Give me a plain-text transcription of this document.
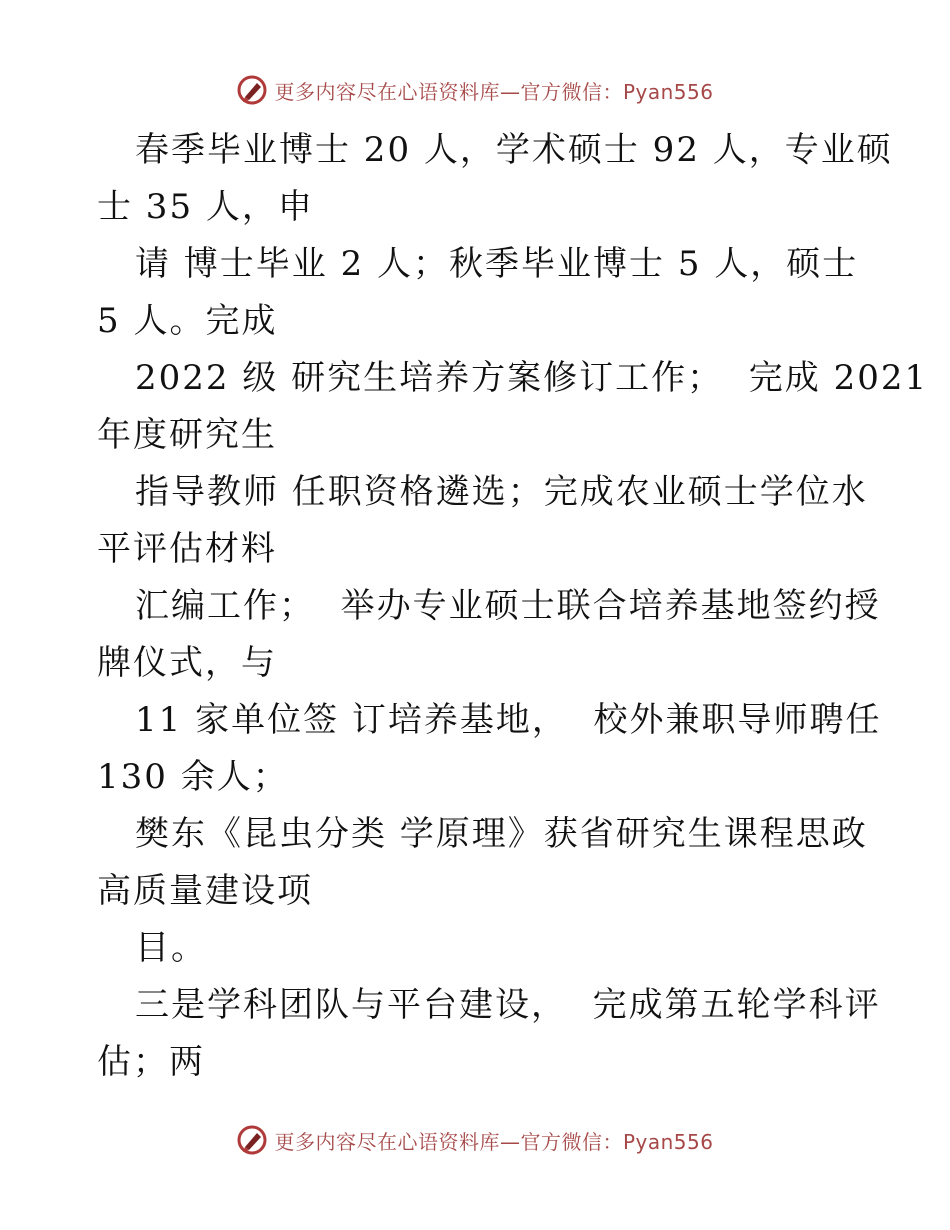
更多内容尽在心语资料库—官方微信：Pyan556
春季毕业博士 20 人，学术硕士 92 人，专业硕
士 35 人，申
请 博士毕业 2 人；秋季毕业博士 5 人，硕士
5 人。完成
2022 级 研究生培养方案修订工作；  完成 2021
年度研究生
指导教师 任职资格遴选；完成农业硕士学位水
平评估材料
汇编工作；  举办专业硕士联合培养基地签约授
牌仪式，与
11 家单位签 订培养基地，  校外兼职导师聘任
130 余人；
樊东《昆虫分类 学原理》获省研究生课程思政
高质量建设项
目。
三是学科团队与平台建设，  完成第五轮学科评
估；两
更多内容尽在心语资料库—官方微信：Pyan556
